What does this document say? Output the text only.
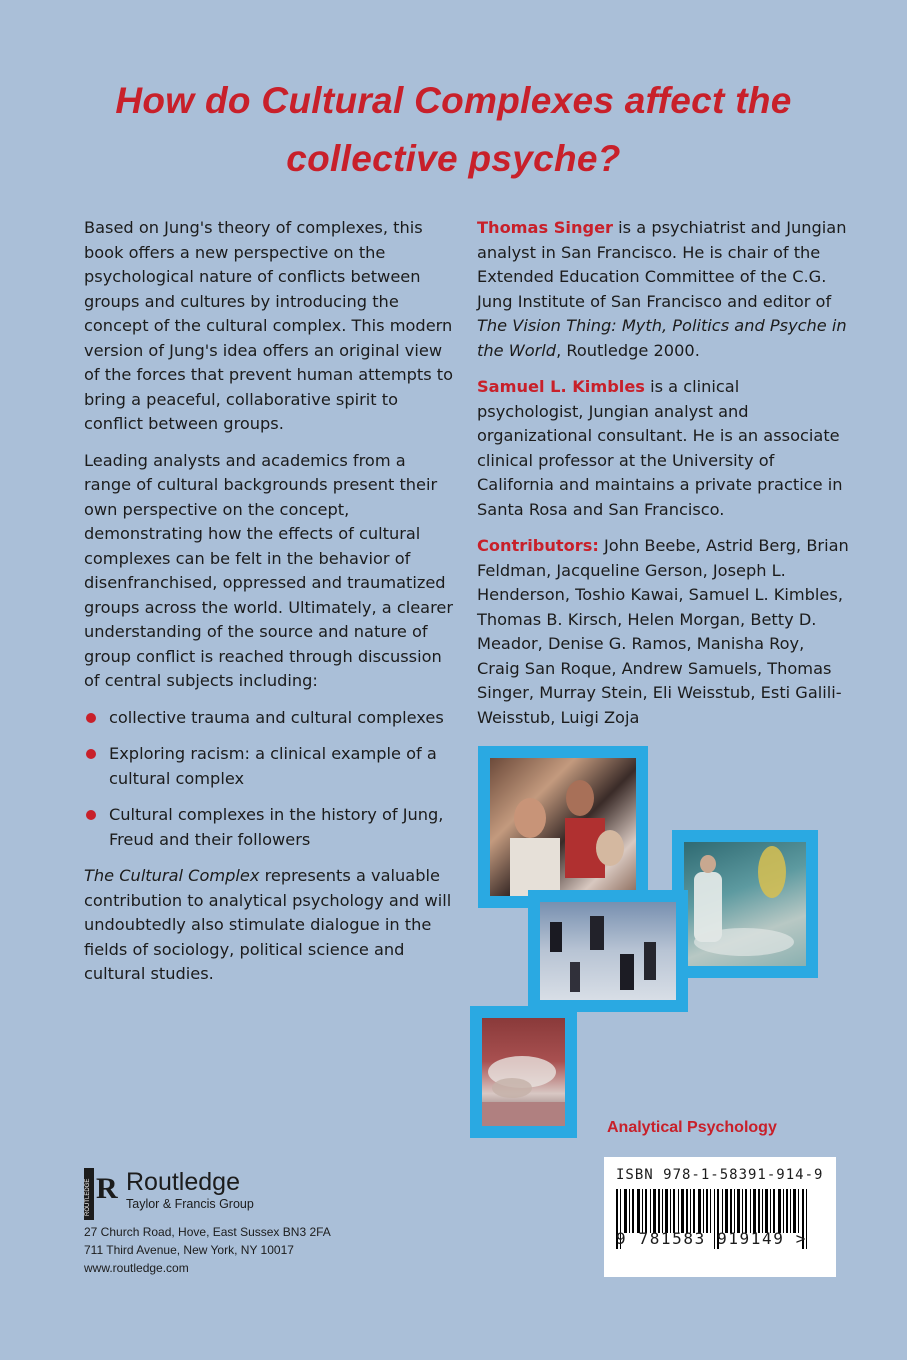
How do Cultural Complexes affect the
collective psyche?

Based on Jung's theory of complexes, this book offers a new perspective on the psychological nature of conflicts between groups and cultures by introducing the concept of the cultural complex. This modern version of Jung's idea offers an original view of the forces that prevent human attempts to bring a peaceful, collaborative spirit to conflict between groups.

Leading analysts and academics from a range of cultural backgrounds present their own perspective on the concept, demonstrating how the effects of cultural complexes can be felt in the behavior of disenfranchised, oppressed and traumatized groups across the world. Ultimately, a clearer understanding of the source and nature of group conflict is reached through discussion of central subjects including:

collective trauma and cultural complexes
Exploring racism: a clinical example of a cultural complex
Cultural complexes in the history of Jung, Freud and their followers

The Cultural Complex represents a valuable contribution to analytical psychology and will undoubtedly also stimulate dialogue in the fields of sociology, political science and cultural studies.

Thomas Singer is a psychiatrist and Jungian analyst in San Francisco. He is chair of the Extended Education Committee of the C.G. Jung Institute of San Francisco and editor of The Vision Thing: Myth, Politics and Psyche in the World, Routledge 2000.

Samuel L. Kimbles is a clinical psychologist, Jungian analyst and organizational consultant. He is an associate clinical professor at the University of California and maintains a private practice in Santa Rosa and San Francisco.

Contributors: John Beebe, Astrid Berg, Brian Feldman, Jacqueline Gerson, Joseph L. Henderson, Toshio Kawai, Samuel L. Kimbles, Thomas B. Kirsch, Helen Morgan, Betty D. Meador, Denise G. Ramos, Manisha Roy, Craig San Roque, Andrew Samuels, Thomas Singer, Murray Stein, Eli Weisstub, Esti Galili-Weisstub, Luigi Zoja

Analytical Psychology
ROUTLEDGE R Routledge
Taylor & Francis Group
27 Church Road, Hove, East Sussex BN3 2FA
711 Third Avenue, New York, NY 10017
www.routledge.com
ISBN 978-1-58391-914-9
9 781583 919149 >
